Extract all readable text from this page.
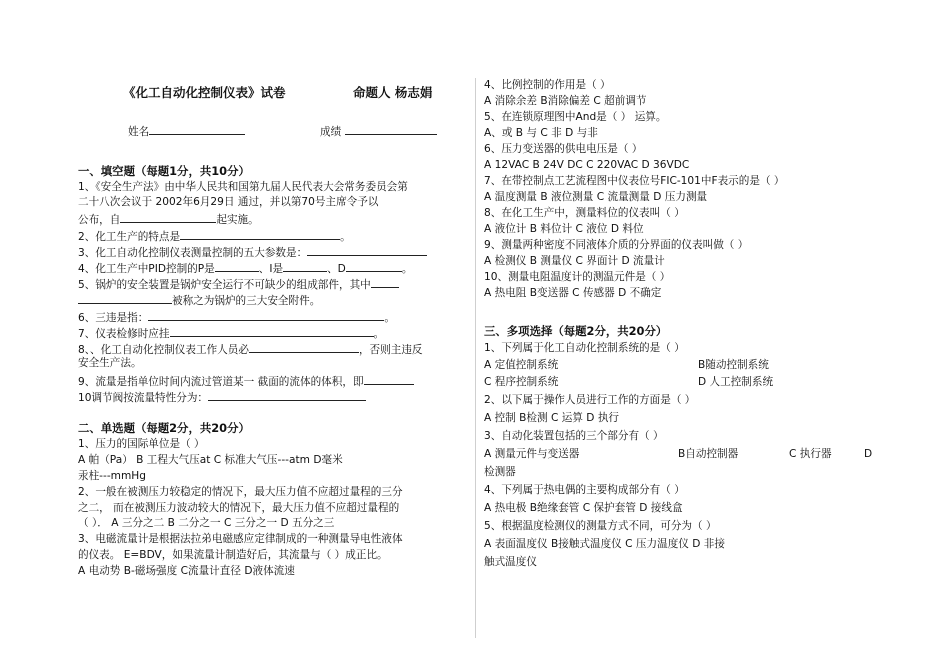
《化工自动化控制仪表》试卷	命题人 杨志娟
姓名	成绩
一、填空题（每题1分，共10分）
1、《安全生产法》由中华人民共和国第九届人民代表大会常务委员会第
二十八次会议于 2002年6月29日 通过，并以第70号主席令予以
公布，自	起实施。
2、化工生产的特点是	。
3、化工自动化控制仪表测量控制的五大参数是：
4、化工生产中PID控制的P是	、I是	、D	。
5、锅炉的安全装置是锅炉安全运行不可缺少的组成部件，其中
被称之为锅炉的三大安全附件。
6、三违是指：	。
7、仪表检修时应挂	。
8、、化工自动化控制仪表工作人员必	，否则主违反
安全生产法。
9、流量是指单位时间内流过管道某一 截面的流体的体积，即
10调节阀按流量特性分为：
二、单选题（每题2分，共20分）
1、压力的国际单位是（ ）
A 帕（Pa） B 工程大气压at C 标准大气压---atm D毫米
汞柱---mmHg
2、一般在被测压力较稳定的情况下，最大压力值不应超过量程的三分
之二， 而在被测压力波动较大的情况下，最大压力值不应超过量程的
（ ）． A 三分之二 B 二分之一 C 三分之一 D 五分之三
3、电磁流量计是根据法拉弟电磁感应定律制成的一种测量导电性液体
的仪表。 E=BDV，如果流量计制造好后，其流量与（ ）成正比。
A 电动势 B-磁场强度 C流量计直径 D液体流速
4、比例控制的作用是（ ）
A 消除余差 B消除偏差 C 超前调节
5、在连锁原理图中And是（ ） 运算。
A、或 B 与 C 非 D 与非
6、压力变送器的供电电压是（ ）
A 12VAC B 24V DC C 220VAC D 36VDC
7、在带控制点工艺流程图中仪表位号FIC-101中F表示的是（ ）
A 温度测量 B 液位测量 C 流量测量 D 压力测量
8、在化工生产中，测量料位的仪表叫（ ）
A 液位计 B 料位计 C 液位 D 料位
9、测量两种密度不同液体介质的分界面的仪表叫做（ ）
A 检测仪 B 测量仪 C 界面计 D 流量计
10、测量电阻温度计的测温元件是（ ）
A 热电阻 B变送器 C 传感器 D 不确定
三、多项选择（每题2分，共20分）
1、下列属于化工自动化控制系统的是（ ）
A 定值控制系统	B随动控制系统
C 程序控制系统	D 人工控制系统
2、以下属于操作人员进行工作的方面是（ ）
A 控制 B检测 C 运算 D 执行
3、自动化装置包括的三个部分有（ ）
A 测量元件与变送器	B自动控制器	C 执行器	D
检测器
4、下列属于热电偶的主要构成部分有（ ）
A 热电极 B绝缘套管 C 保护套管 D 接线盒
5、根据温度检测仪的测量方式不同，可分为（ ）
A 表面温度仪 B接触式温度仪 C 压力温度仪 D 非接
触式温度仪
